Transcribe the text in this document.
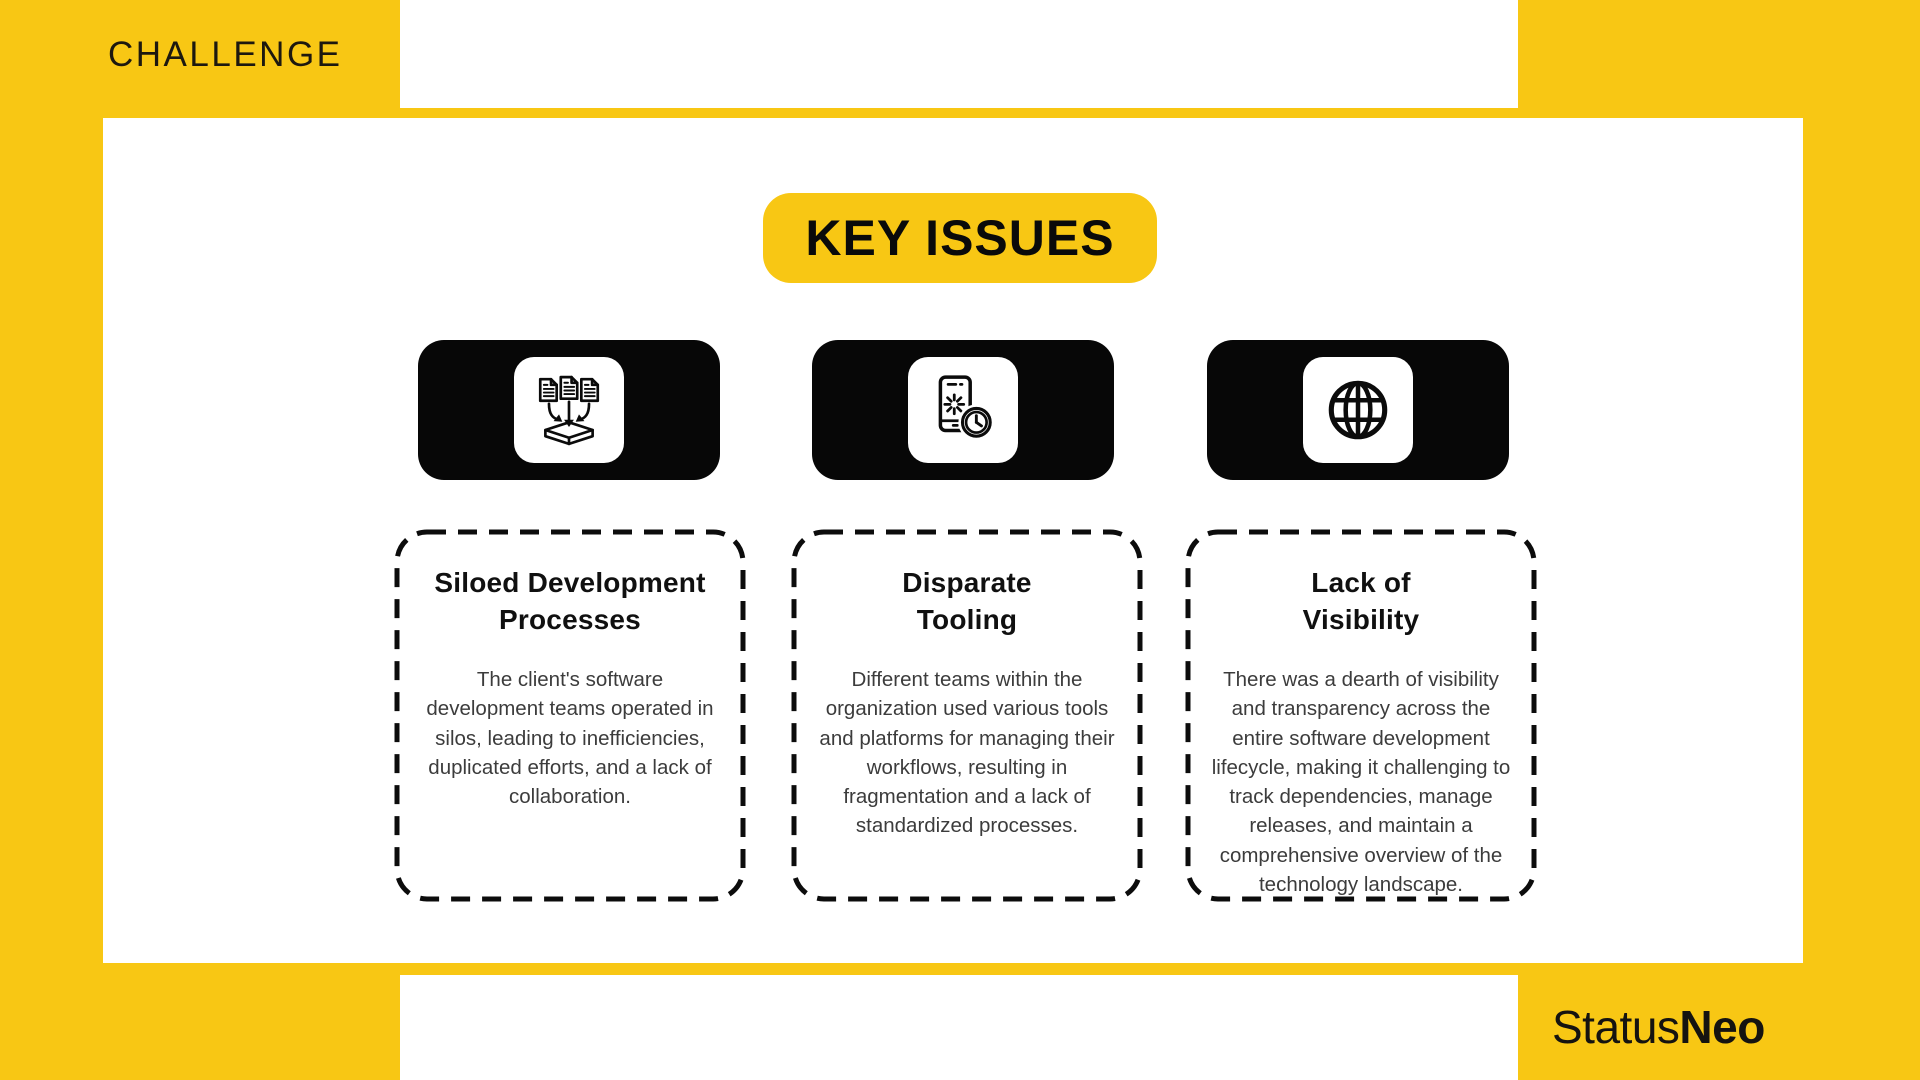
CHALLENGE
KEY ISSUES
Siloed Development
Processes

The client's software development teams operated in silos, leading to inefficiencies, duplicated efforts, and a lack of collaboration.

Disparate
Tooling

Different teams within the organization used various tools and platforms for managing their workflows, resulting in fragmentation and a lack of standardized processes.

Lack of
Visibility

There was a dearth of visibility and transparency across the entire software development lifecycle, making it challenging to track dependencies, manage releases, and maintain a comprehensive overview of the technology landscape.

StatusNeo
